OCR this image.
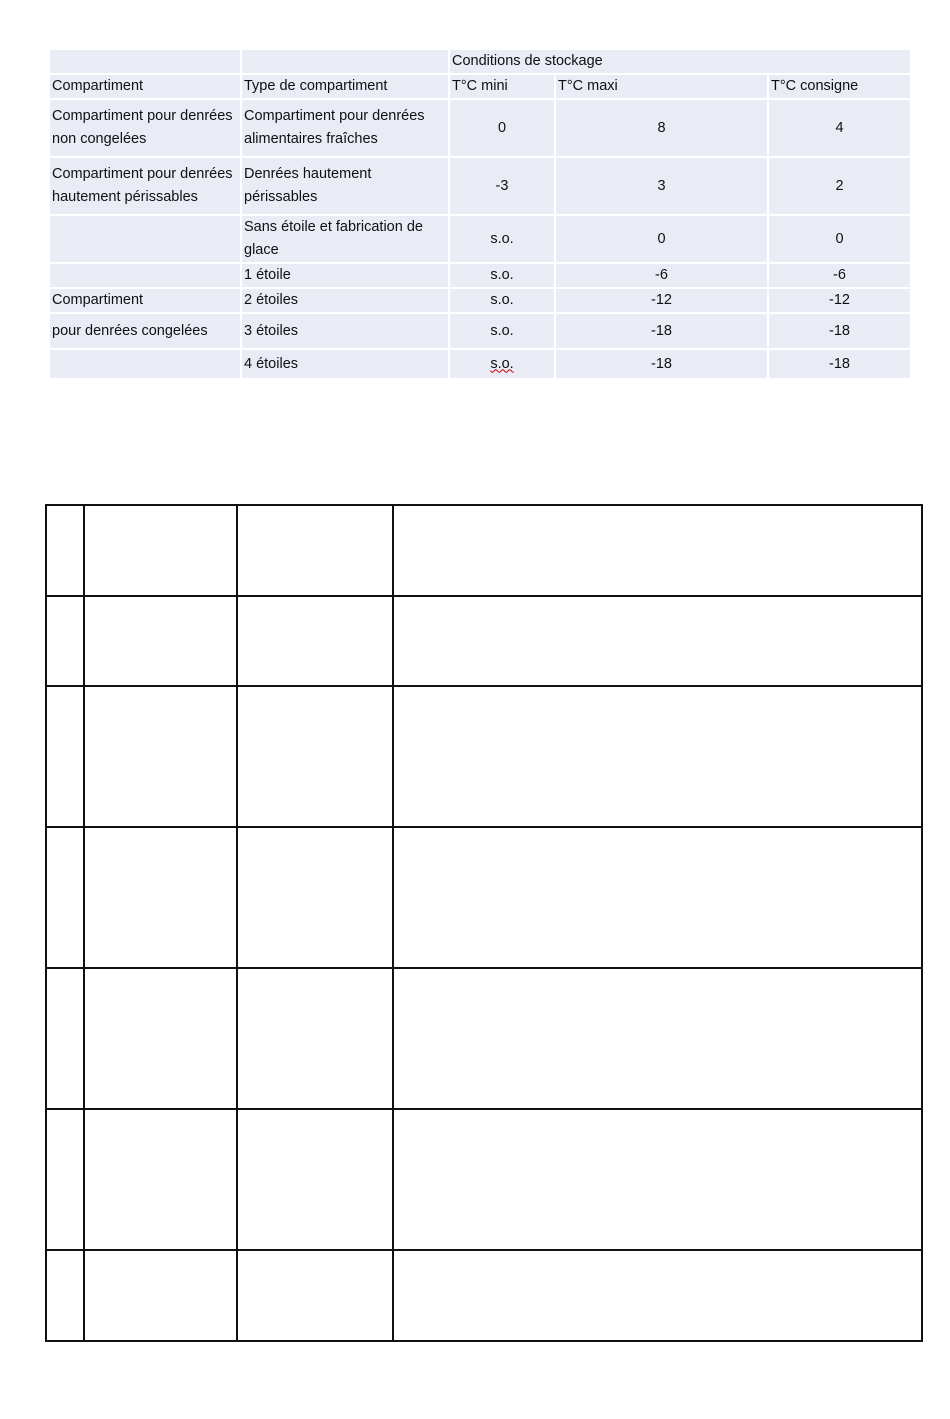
		Conditions de stockage		
Compartiment	Type de compartiment	T°C mini	T°C maxi	T°C consigne
Compartiment pour denrées non congelées	Compartiment pour denrées alimentaires fraîches	0	8	4
Compartiment pour denrées hautement périssables	Denrées hautement périssables	-3	3	2
	Sans étoile et fabrication de glace	s.o.	0	0
	1 étoile	s.o.	-6	-6
Compartiment	2 étoiles	s.o.	-12	-12
pour denrées congelées	3 étoiles	s.o.	-18	-18
	4 étoiles	s.o.	-18	-18
